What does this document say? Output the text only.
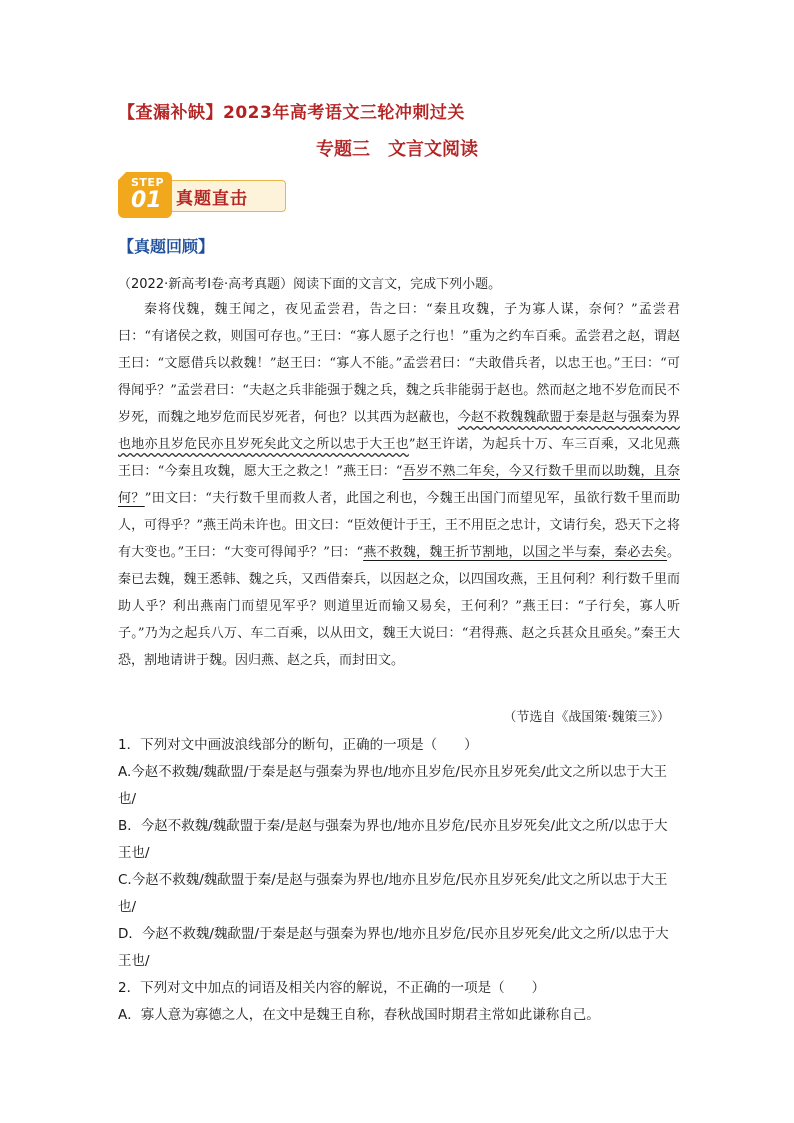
【查漏补缺】2023年高考语文三轮冲刺过关
专题三　文言文阅读
STEP
01 真题直击
【真题回顾】
（2022·新高考Ⅰ卷·高考真题）阅读下面的文言文，完成下列小题。

秦将伐魏，魏王闻之，夜见孟尝君，告之曰：“秦且攻魏，子为寡人谋，奈何？”孟尝君曰：“有诸侯之救，则国可存也。”王曰：“寡人愿子之行也！”重为之约车百乘。孟尝君之赵，谓赵王曰：“文愿借兵以救魏！”赵王曰：“寡人不能。”孟尝君曰：“夫敢借兵者，以忠王也。”王曰：“可得闻乎？”孟尝君曰：“夫赵之兵非能强于魏之兵，魏之兵非能弱于赵也。然而赵之地不岁危而民不岁死，而魏之地岁危而民岁死者，何也？以其西为赵蔽也，今赵不救魏魏歃盟于秦是赵与强秦为界也地亦且岁危民亦且岁死矣此文之所以忠于大王也”赵王许诺，为起兵十万、车三百乘，又北见燕王曰：“今秦且攻魏，愿大王之救之！”燕王曰：“吾岁不熟二年矣，今又行数千里而以助魏，且奈何？”田文曰：“夫行数千里而救人者，此国之利也，今魏王出国门而望见军，虽欲行数千里而助人，可得乎？”燕王尚未许也。田文曰：“臣效便计于王，王不用臣之忠计，文请行矣，恐天下之将有大变也。”王曰：“大变可得闻乎？”曰：“燕不救魏，魏王折节割地，以国之半与秦，秦必去矣。秦已去魏，魏王悉韩、魏之兵，又西借秦兵，以因赵之众，以四国攻燕，王且何利？利行数千里而助人乎？利出燕南门而望见军乎？则道里近而输又易矣，王何利？”燕王曰：“子行矣，寡人听子。”乃为之起兵八万、车二百乘，以从田文，魏王大说曰：“君得燕、赵之兵甚众且亟矣。”秦王大恐，割地请讲于魏。因归燕、赵之兵，而封田文。

（节选自《战国策·魏策三》）
1．下列对文中画波浪线部分的断句，正确的一项是（　　）
A.今赵不救魏/魏歃盟/于秦是赵与强秦为界也/地亦且岁危/民亦且岁死矣/此文之所以忠于大王也/
B．今赵不救魏/魏歃盟于秦/是赵与强秦为界也/地亦且岁危/民亦且岁死矣/此文之所/以忠于大王也/
C.今赵不救魏/魏歃盟于秦/是赵与强秦为界也/地亦且岁危/民亦且岁死矣/此文之所以忠于大王也/
D．今赵不救魏/魏歃盟/于秦是赵与强秦为界也/地亦且岁危/民亦且岁死矣/此文之所/以忠于大王也/
2．下列对文中加点的词语及相关内容的解说，不正确的一项是（　　）
A．寡人意为寡德之人，在文中是魏王自称，春秋战国时期君主常如此谦称自己。
